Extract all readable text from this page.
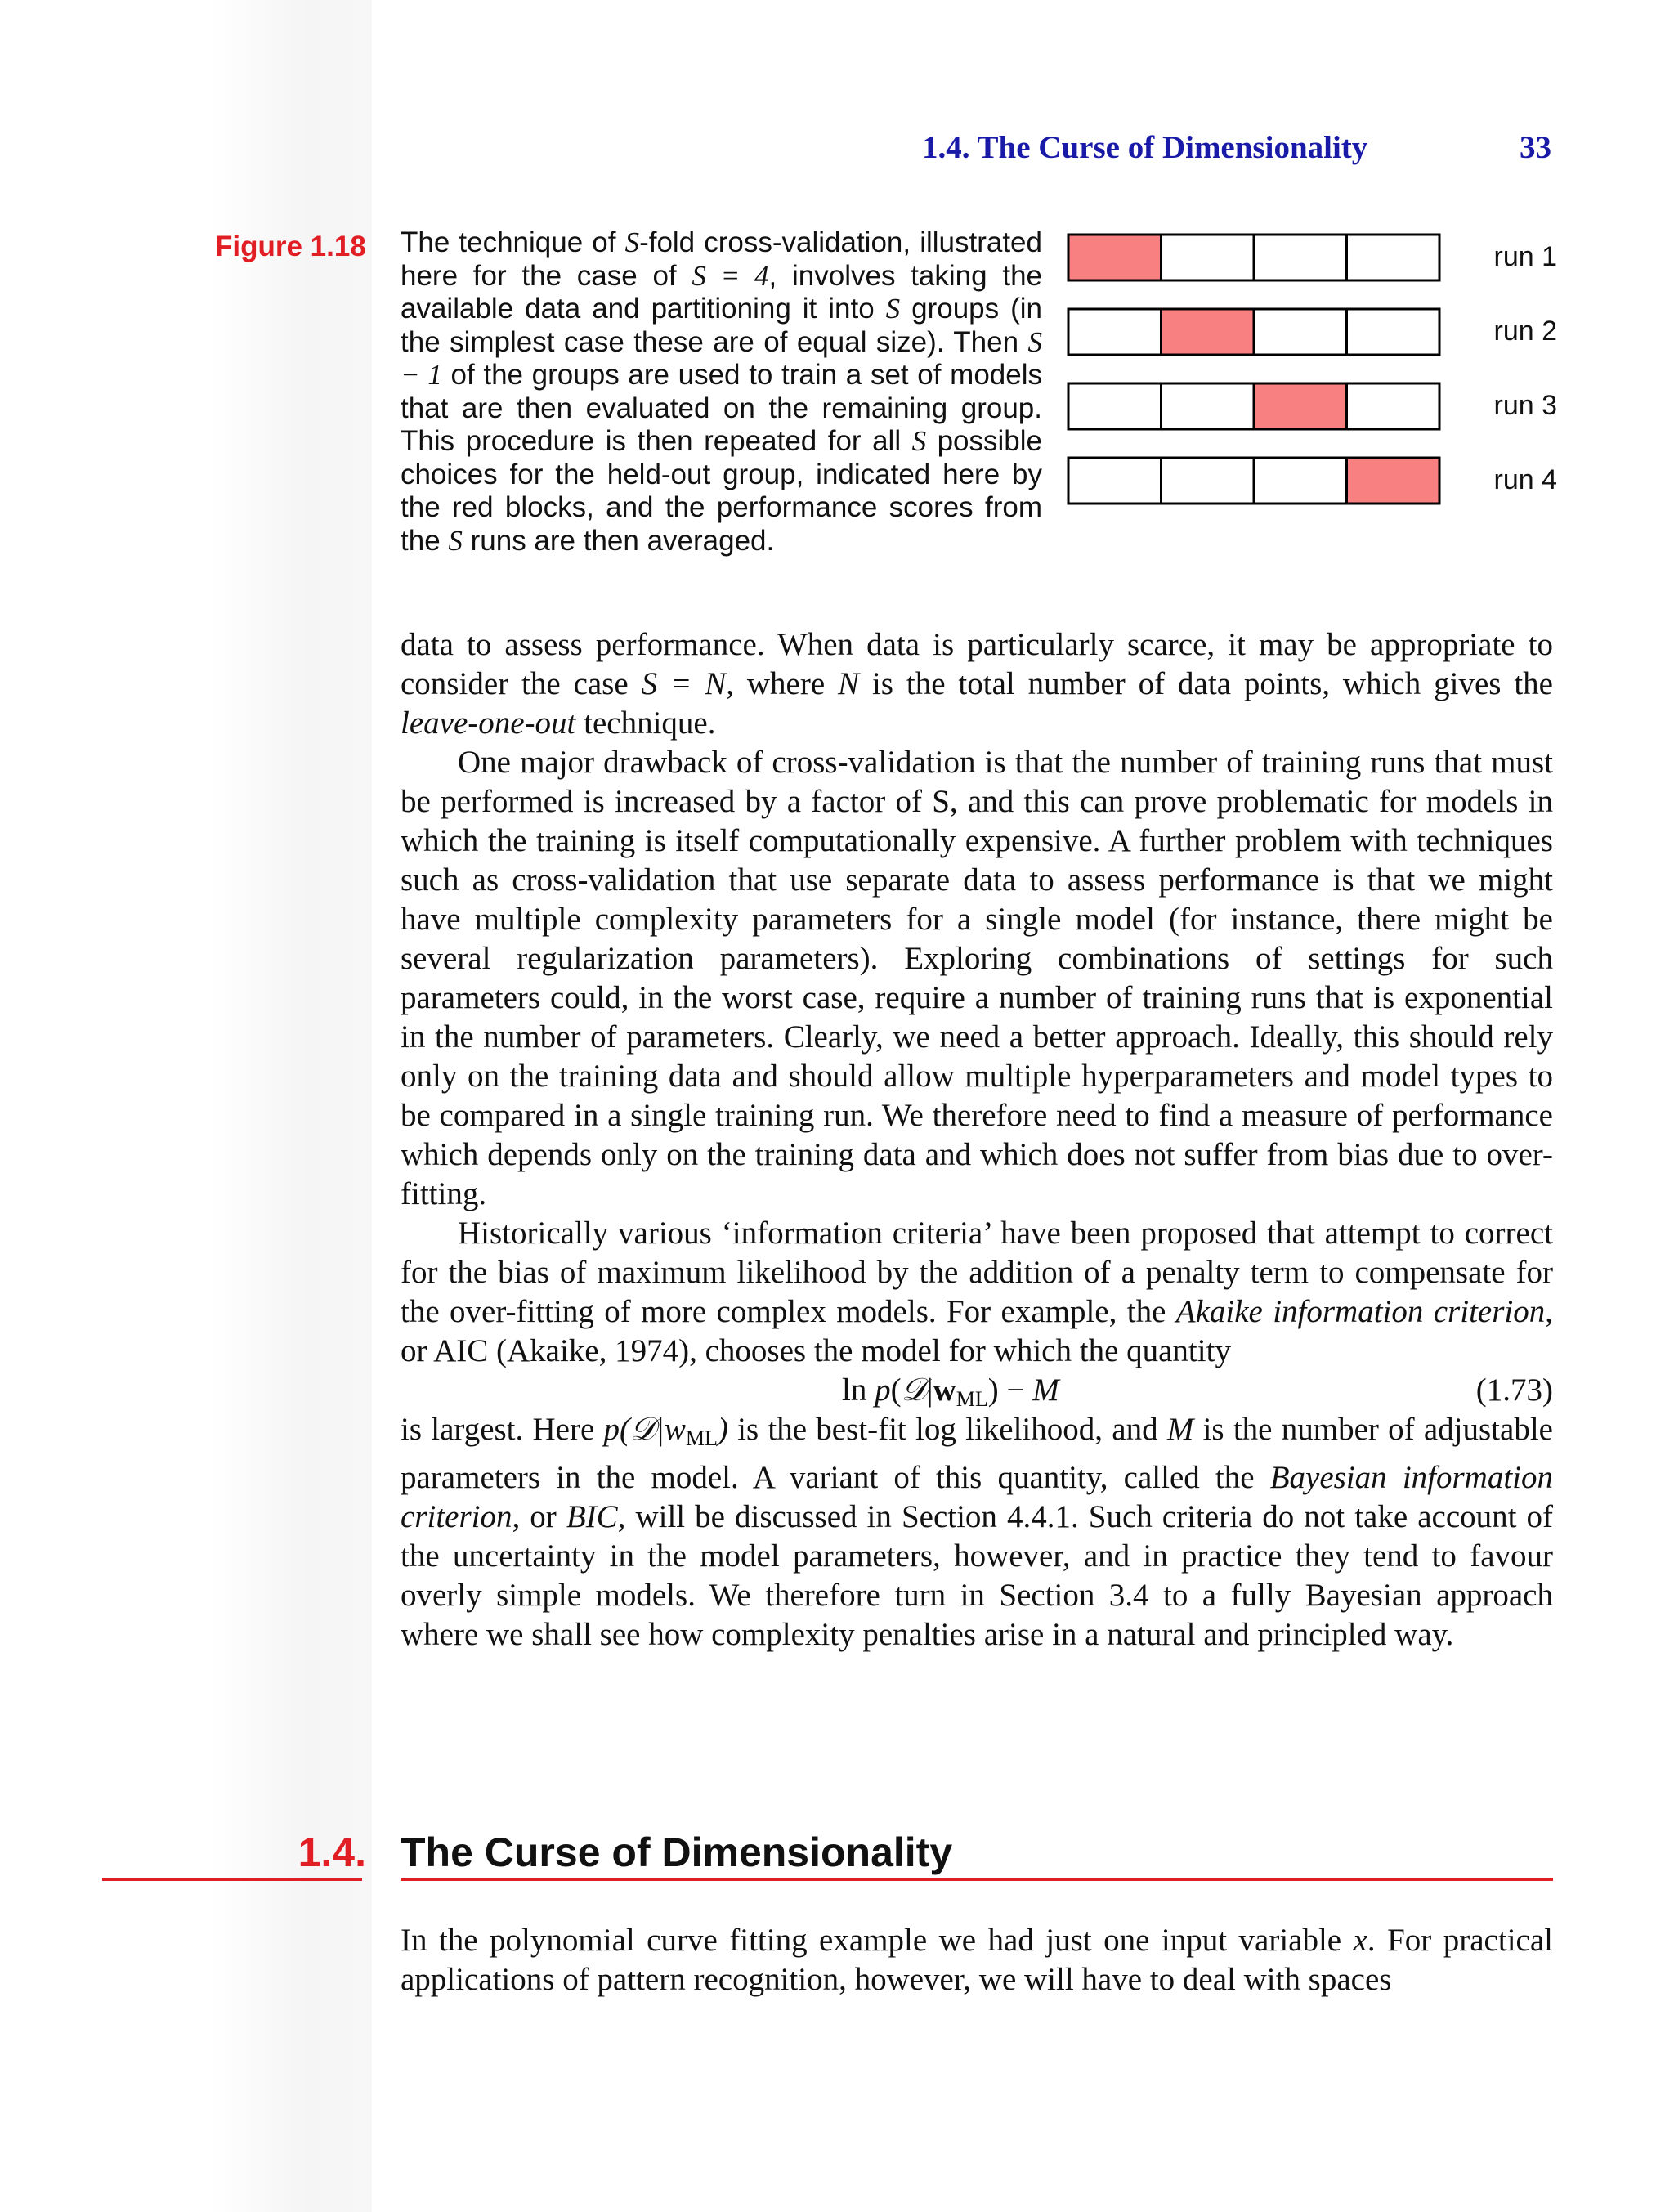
1.4. The Curse of Dimensionality	33
Figure 1.18 The technique of S-fold cross-validation, illustrated here for the case of S = 4, involves taking the available data and partitioning it into S groups (in the simplest case these are of equal size). Then S − 1 of the groups are used to train a set of models that are then evaluated on the remaining group. This procedure is then repeated for all S possible choices for the held-out group, indicated here by the red blocks, and the performance scores from the S runs are then averaged.
run 1
run 2
run 3
run 4

data to assess performance. When data is particularly scarce, it may be appropriate to consider the case S = N, where N is the total number of data points, which gives the leave-one-out technique.

One major drawback of cross-validation is that the number of training runs that must be performed is increased by a factor of S, and this can prove problematic for models in which the training is itself computationally expensive. A further problem with techniques such as cross-validation that use separate data to assess performance is that we might have multiple complexity parameters for a single model (for instance, there might be several regularization parameters). Exploring combinations of settings for such parameters could, in the worst case, require a number of training runs that is exponential in the number of parameters. Clearly, we need a better approach. Ideally, this should rely only on the training data and should allow multiple hyperparameters and model types to be compared in a single training run. We therefore need to find a measure of performance which depends only on the training data and which does not suffer from bias due to over-fitting.

Historically various ‘information criteria’ have been proposed that attempt to correct for the bias of maximum likelihood by the addition of a penalty term to compensate for the over-fitting of more complex models. For example, the Akaike information criterion, or AIC (Akaike, 1974), chooses the model for which the quantity

$\ln p(𝒟|w_{ML}) - M$	(1.73)

is largest. Here $p(𝒟|w_{ML})$ is the best-fit log likelihood, and M is the number of adjustable parameters in the model. A variant of this quantity, called the Bayesian information criterion, or BIC, will be discussed in Section 4.4.1. Such criteria do not take account of the uncertainty in the model parameters, however, and in practice they tend to favour overly simple models. We therefore turn in Section 3.4 to a fully Bayesian approach where we shall see how complexity penalties arise in a natural and principled way.

1.4. The Curse of Dimensionality

In the polynomial curve fitting example we had just one input variable x. For practical applications of pattern recognition, however, we will have to deal with spaces
